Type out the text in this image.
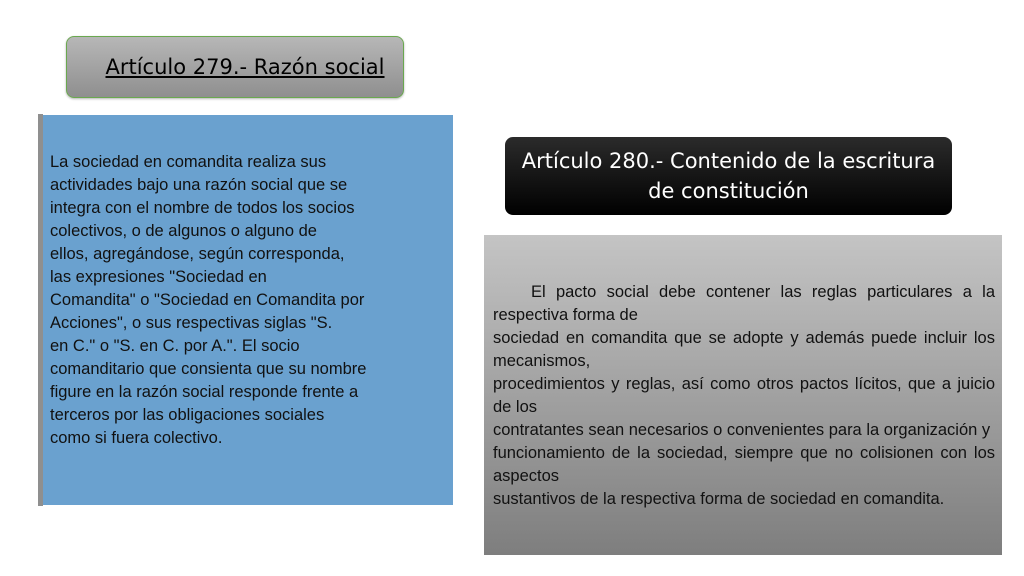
Artículo 279.- Razón social

La sociedad en comandita realiza sus
actividades bajo una razón social que se
integra con el nombre de todos los socios
colectivos, o de algunos o alguno de
ellos, agregándose, según corresponda,
las expresiones "Sociedad en
Comandita" o "Sociedad en Comandita por
Acciones", o sus respectivas siglas "S.
en C." o "S. en C. por A.". El socio
comanditario que consienta que su nombre
figure en la razón social responde frente a
terceros por las obligaciones sociales
como si fuera colectivo.

Artículo 280.- Contenido de la escritura
de constitución

El pacto social debe contener las reglas particulares a la respectiva forma de
sociedad en comandita que se adopte y además puede incluir los mecanismos,
procedimientos y reglas, así como otros pactos lícitos, que a juicio de los
contratantes sean necesarios o convenientes para la organización y
funcionamiento de la sociedad, siempre que no colisionen con los aspectos
sustantivos de la respectiva forma de sociedad en comandita.
